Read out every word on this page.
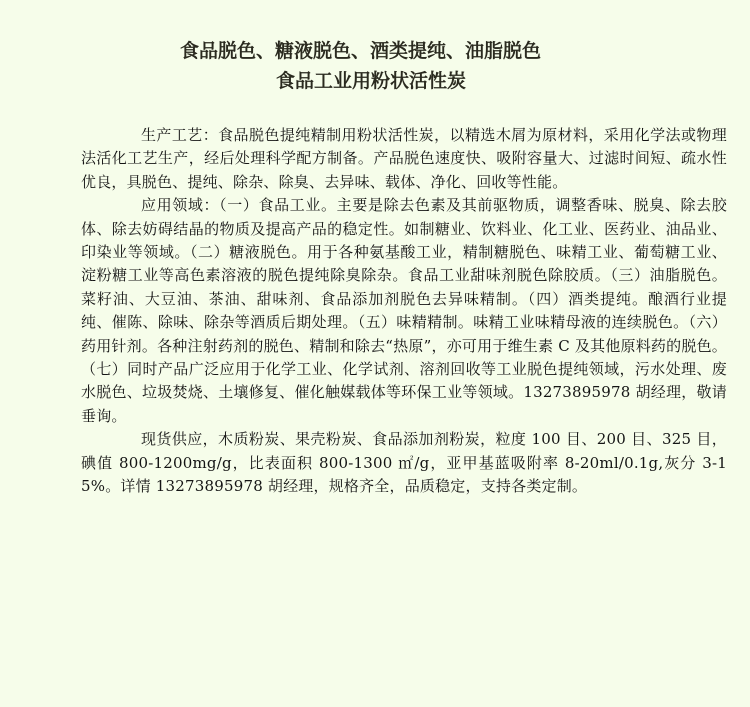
食品脱色、糖液脱色、酒类提纯、油脂脱色
食品工业用粉状活性炭

生产工艺：食品脱色提纯精制用粉状活性炭，以精选木屑为原材料，采用化学法或物理法活化工艺生产，经后处理科学配方制备。产品脱色速度快、吸附容量大、过滤时间短、疏水性优良，具脱色、提纯、除杂、除臭、去异味、载体、净化、回收等性能。

应用领域：（一）食品工业。主要是除去色素及其前驱物质，调整香味、脱臭、除去胶体、除去妨碍结晶的物质及提高产品的稳定性。如制糖业、饮料业、化工业、医药业、油品业、印染业等领域。（二）糖液脱色。用于各种氨基酸工业，精制糖脱色、味精工业、葡萄糖工业、淀粉糖工业等高色素溶液的脱色提纯除臭除杂。食品工业甜味剂脱色除胶质。（三）油脂脱色。菜籽油、大豆油、茶油、甜味剂、食品添加剂脱色去异味精制。（四）酒类提纯。酿酒行业提纯、催陈、除味、除杂等酒质后期处理。（五）味精精制。味精工业味精母液的连续脱色。（六）药用针剂。各种注射药剂的脱色、精制和除去“热原”，亦可用于维生素 C 及其他原料药的脱色。（七）同时产品广泛应用于化学工业、化学试剂、溶剂回收等工业脱色提纯领域，污水处理、废水脱色、垃圾焚烧、土壤修复、催化触媒载体等环保工业等领域。13273895978 胡经理，敬请垂询。

现货供应，木质粉炭、果壳粉炭、食品添加剂粉炭，粒度 100 目、200 目、325 目，碘值 800-1200mg/g，比表面积 800-1300 ㎡/g，亚甲基蓝吸附率 8-20ml/0.1g,灰分 3-15%。详情 13273895978 胡经理，规格齐全，品质稳定，支持各类定制。
